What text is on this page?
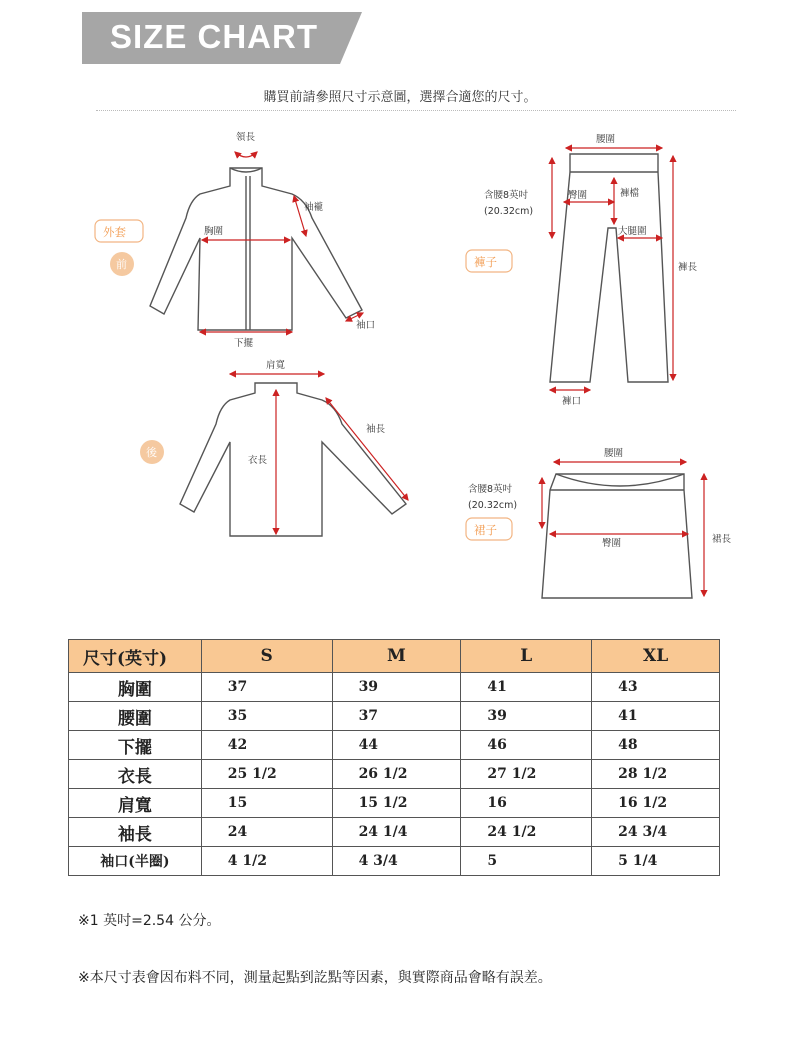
SIZE CHART
購買前請參照尺寸示意圖，選擇合適您的尺寸。
外套
前
後
領長
袖襱
胸圍
下擺
袖口
肩寬
袖長
衣長
褲子
腰圍
臀圍	褲檔
大腿圍
褲長
褲口
含腰8英吋
(20.32cm)
裙子
腰圍
臀圍	裙長
含腰8英吋
(20.32cm)
尺寸(英寸)	S	M	L	XL
胸圍	37	39	41	43
腰圍	35	37	39	41
下擺	42	44	46	48
衣長	25 1/2	26 1/2	27 1/2	28 1/2
肩寬	15	15 1/2	16	16 1/2
袖長	24	24 1/4	24 1/2	24 3/4
袖口(半圈)	4 1/2	4 3/4	5	5 1/4
※1 英吋=2.54 公分。
※本尺寸表會因布料不同，測量起點到訖點等因素，與實際商品會略有誤差。
